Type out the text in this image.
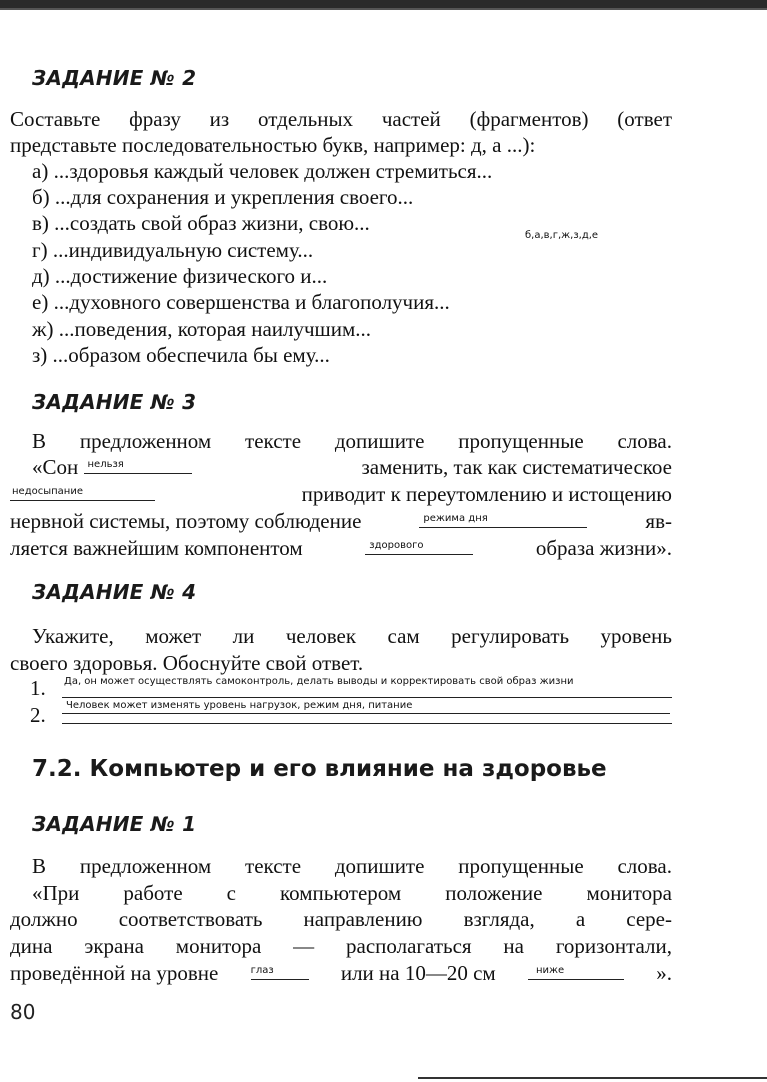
ЗАДАНИЕ № 2
Составьте фразу из отдельных частей (фрагментов) (ответ
представьте последовательностью букв, например: д, а ...):
а) ...здоровья каждый человек должен стремиться...
б) ...для сохранения и укрепления своего...
в) ...создать свой образ жизни, свою...
г) ...индивидуальную систему...
д) ...достижение физического и...
е) ...духовного совершенства и благополучия...
ж) ...поведения, которая наилучшим...
з) ...образом обеспечила бы ему...
б,а,в,г,ж,з,д,е
ЗАДАНИЕ № 3
В предложенном тексте допишите пропущенные слова.
«Сон нельзя	заменить, так как систематическое
недосыпание	приводит к переутомлению и истощению
нервной системы, поэтому соблюдение	режима дня	яв-
ляется важнейшим компонентом	здорового	образа жизни».
ЗАДАНИЕ № 4
Укажите, может ли человек сам регулировать уровень
своего здоровья. Обоснуйте свой ответ.
1. Да, он может осуществлять самоконтроль, делать выводы и корректировать свой образ жизни
2. Человек может изменять уровень нагрузок, режим дня, питание
7.2. Компьютер и его влияние на здоровье
ЗАДАНИЕ № 1
В предложенном тексте допишите пропущенные слова.
«При работе с компьютером положение монитора
должно соответствовать направлению взгляда, а сере-
дина экрана монитора — располагаться на горизонтали,
проведённой на уровне	глаз	или на 10—20 см	ниже	».
80
